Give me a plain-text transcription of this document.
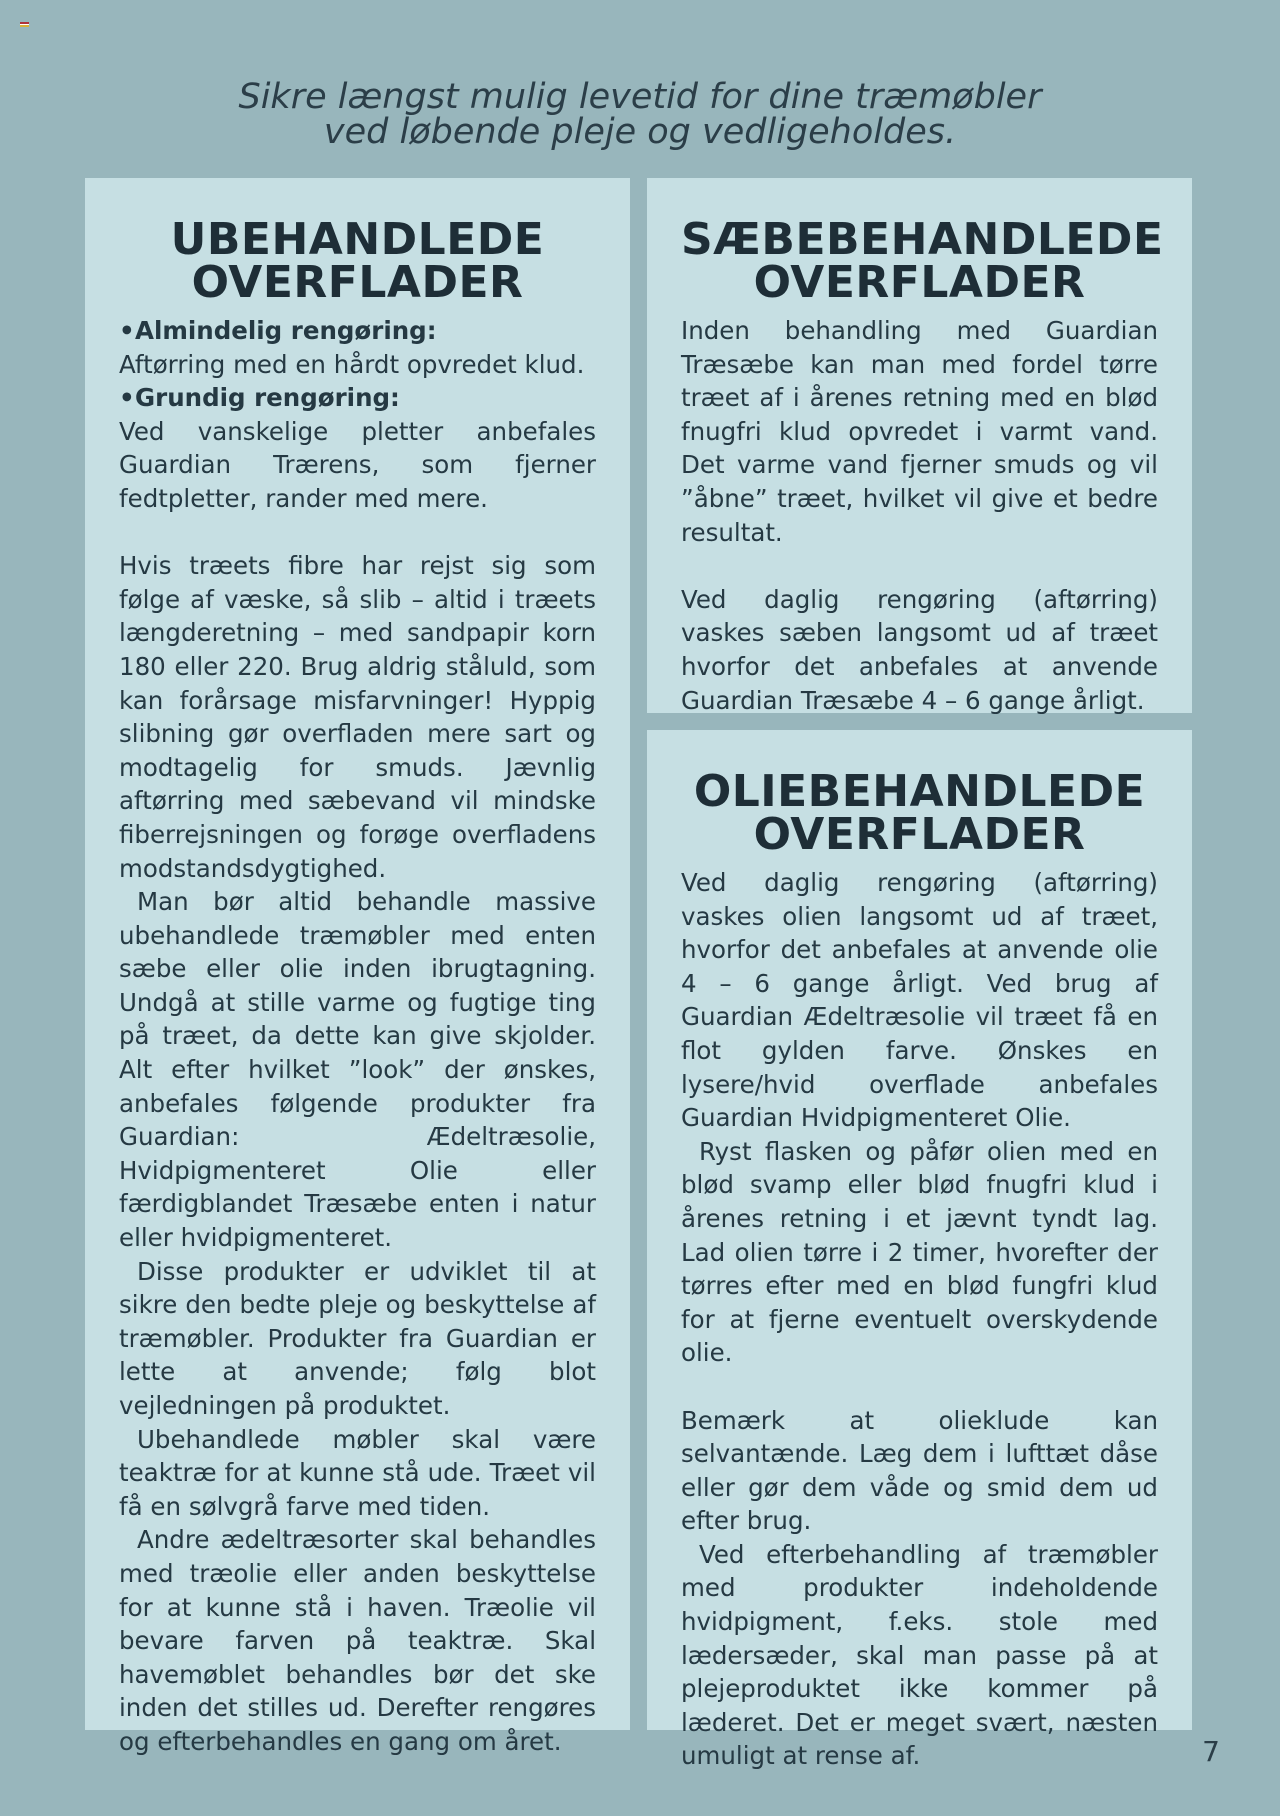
Sikre længst mulig levetid for dine træmøbler
ved løbende pleje og vedligeholdes.
UBEHANDLEDE
OVERFLADER
•Almindelig rengøring:

Aftørring med en hårdt opvredet klud.

•Grundig rengøring:

Ved vanskelige pletter anbefales Guardian Trærens, som fjerner fedtpletter, rander med mere.

Hvis træets fibre har rejst sig som følge af væske, så slib – altid i træets længderetning – med sandpapir korn 180 eller 220. Brug aldrig ståluld, som kan forårsage misfarvninger! Hyppig slibning gør overfladen mere sart og modtagelig for smuds. Jævnlig aftørring med sæbevand vil mindske fiberrejsningen og forøge overfladens modstandsdygtighed.

Man bør altid behandle massive ubehandlede træmøbler med enten sæbe eller olie inden ibrugtagning. Undgå at stille varme og fugtige ting på træet, da dette kan give skjolder. Alt efter hvilket ”look” der ønskes, anbefales følgende produkter fra Guardian: Ædeltræsolie, Hvidpigmenteret Olie eller færdigblandet Træsæbe enten i natur eller hvidpigmenteret.

Disse produkter er udviklet til at sikre den bedte pleje og beskyttelse af træmøbler. Produkter fra Guardian er lette at anvende; følg blot vejledningen på produktet.

Ubehandlede møbler skal være teaktræ for at kunne stå ude. Træet vil få en sølvgrå farve med tiden.

Andre ædeltræsorter skal behandles med træolie eller anden beskyttelse for at kunne stå i haven. Træolie vil bevare farven på teaktræ. Skal havemøblet behandles bør det ske inden det stilles ud. Derefter rengøres og efterbehandles en gang om året.

SÆBEBEHANDLEDE
OVERFLADER

Inden behandling med Guardian Træsæbe kan man med fordel tørre træet af i årenes retning med en blød fnugfri klud opvredet i varmt vand. Det varme vand fjerner smuds og vil ”åbne” træet, hvilket vil give et bedre resultat.

Ved daglig rengøring (aftørring) vaskes sæben langsomt ud af træet hvorfor det anbefales at anvende Guardian Træsæbe 4 – 6 gange årligt.

OLIEBEHANDLEDE
OVERFLADER

Ved daglig rengøring (aftørring) vaskes olien langsomt ud af træet, hvorfor det anbefales at anvende olie 4 – 6 gange årligt. Ved brug af Guardian Ædeltræsolie vil træet få en flot gylden farve. Ønskes en lysere/hvid overflade anbefales Guardian Hvidpigmenteret Olie.

Ryst flasken og påfør olien med en blød svamp eller blød fnugfri klud i årenes retning i et jævnt tyndt lag. Lad olien tørre i 2 timer, hvorefter der tørres efter med en blød fungfri klud for at fjerne eventuelt overskydende olie.

Bemærk at olieklude kan selvantænde. Læg dem i lufttæt dåse eller gør dem våde og smid dem ud efter brug.

Ved efterbehandling af træmøbler med produkter indeholdende hvidpigment, f.eks. stole med lædersæder, skal man passe på at plejeproduktet ikke kommer på læderet. Det er meget svært, næsten umuligt at rense af.	7
